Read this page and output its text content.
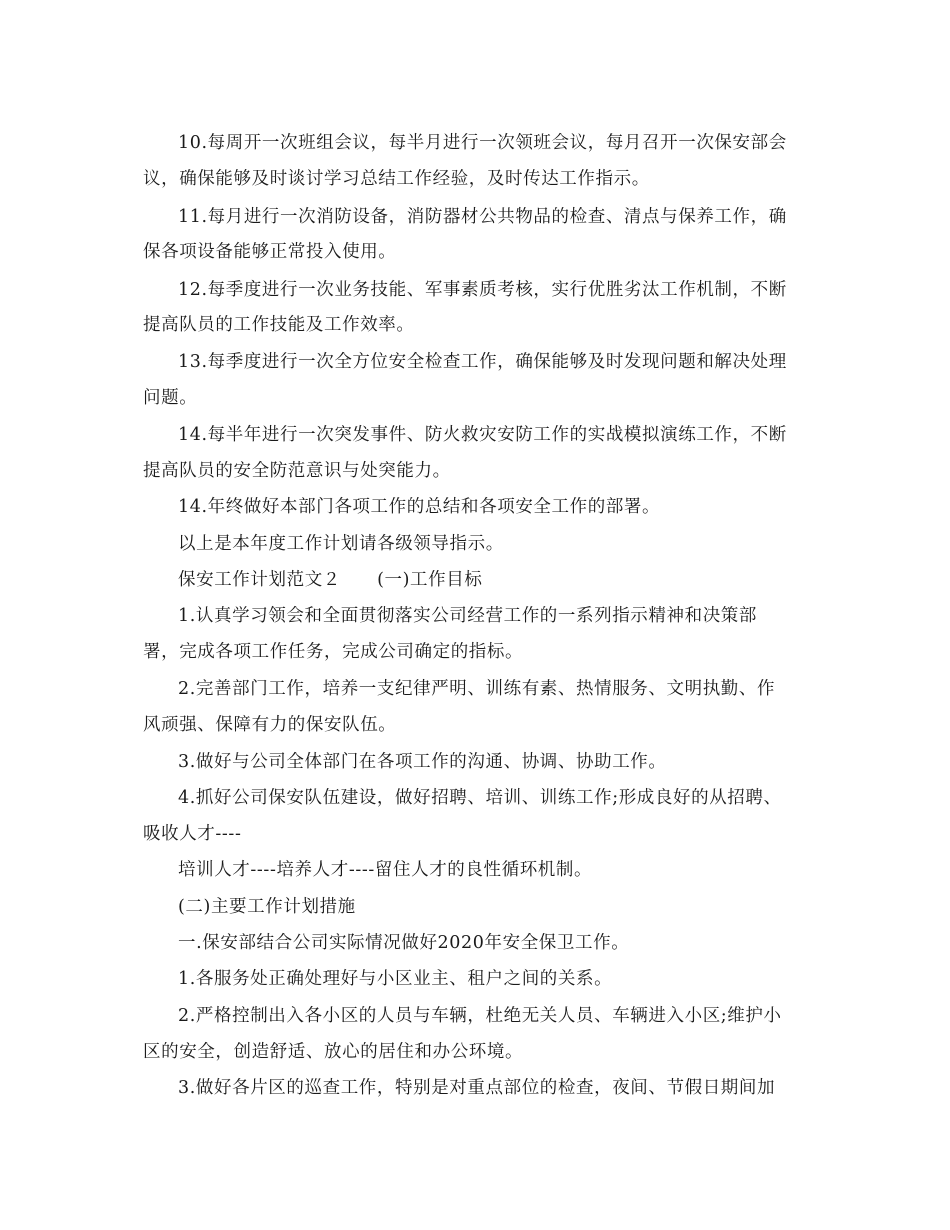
10.每周开一次班组会议，每半月进行一次领班会议，每月召开一次保安部会
议，确保能够及时谈讨学习总结工作经验，及时传达工作指示。
11.每月进行一次消防设备，消防器材公共物品的检查、清点与保养工作，确
保各项设备能够正常投入使用。
12.每季度进行一次业务技能、军事素质考核，实行优胜劣汰工作机制，不断
提高队员的工作技能及工作效率。
13.每季度进行一次全方位安全检查工作，确保能够及时发现问题和解决处理
问题。
14.每半年进行一次突发事件、防火救灾安防工作的实战模拟演练工作，不断
提高队员的安全防范意识与处突能力。
14.年终做好本部门各项工作的总结和各项安全工作的部署。
以上是本年度工作计划请各级领导指示。
保安工作计划范文２　　(一)工作目标
1.认真学习领会和全面贯彻落实公司经营工作的一系列指示精神和决策部
署，完成各项工作任务，完成公司确定的指标。
2.完善部门工作，培养一支纪律严明、训练有素、热情服务、文明执勤、作
风顽强、保障有力的保安队伍。
3.做好与公司全体部门在各项工作的沟通、协调、协助工作。
4.抓好公司保安队伍建设，做好招聘、培训、训练工作;形成良好的从招聘、
吸收人才----
培训人才----培养人才----留住人才的良性循环机制。
(二)主要工作计划措施
一.保安部结合公司实际情况做好2020年安全保卫工作。
1.各服务处正确处理好与小区业主、租户之间的关系。
2.严格控制出入各小区的人员与车辆，杜绝无关人员、车辆进入小区;维护小
区的安全，创造舒适、放心的居住和办公环境。
3.做好各片区的巡查工作，特别是对重点部位的检查，夜间、节假日期间加
